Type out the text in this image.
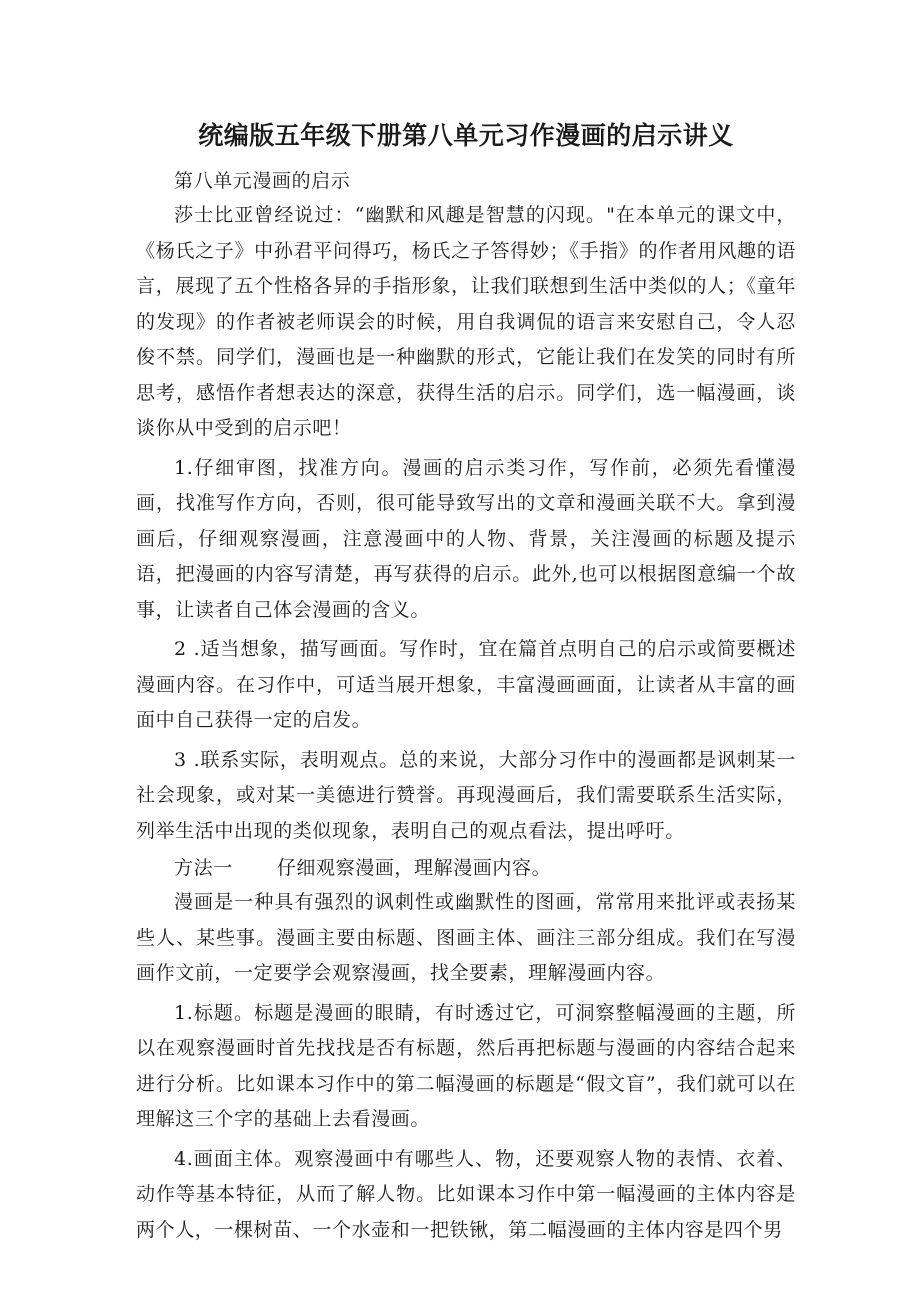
统编版五年级下册第八单元习作漫画的启示讲义

第八单元漫画的启示

莎士比亚曾经说过：“幽默和风趣是智慧的闪现。"在本单元的课文中，《杨氏之子》中孙君平问得巧，杨氏之子答得妙；《手指》的作者用风趣的语言，展现了五个性格各异的手指形象，让我们联想到生活中类似的人；《童年的发现》的作者被老师误会的时候，用自我调侃的语言来安慰自己，令人忍俊不禁。同学们，漫画也是一种幽默的形式，它能让我们在发笑的同时有所思考，感悟作者想表达的深意，获得生活的启示。同学们，选一幅漫画，谈谈你从中受到的启示吧！

1.仔细审图，找准方向。漫画的启示类习作，写作前，必须先看懂漫画，找准写作方向，否则，很可能导致写出的文章和漫画关联不大。拿到漫画后，仔细观察漫画，注意漫画中的人物、背景，关注漫画的标题及提示语，把漫画的内容写清楚，再写获得的启示。此外,也可以根据图意编一个故事，让读者自己体会漫画的含义。

2 .适当想象，描写画面。写作时，宜在篇首点明自己的启示或简要概述漫画内容。在习作中，可适当展开想象，丰富漫画画面，让读者从丰富的画面中自己获得一定的启发。

3 .联系实际，表明观点。总的来说，大部分习作中的漫画都是讽刺某一社会现象，或对某一美德进行赞誉。再现漫画后，我们需要联系生活实际，列举生活中出现的类似现象，表明自己的观点看法，提出呼吁。

方法一 仔细观察漫画，理解漫画内容。

漫画是一种具有强烈的讽刺性或幽默性的图画，常常用来批评或表扬某些人、某些事。漫画主要由标题、图画主体、画注三部分组成。我们在写漫画作文前，一定要学会观察漫画，找全要素，理解漫画内容。

1.标题。标题是漫画的眼睛，有时透过它，可洞察整幅漫画的主题，所以在观察漫画时首先找找是否有标题，然后再把标题与漫画的内容结合起来进行分析。比如课本习作中的第二幅漫画的标题是“假文盲”，我们就可以在理解这三个字的基础上去看漫画。

4.画面主体。观察漫画中有哪些人、物，还要观察人物的表情、衣着、动作等基本特征，从而了解人物。比如课本习作中第一幅漫画的主体内容是两个人，一棵树苗、一个水壶和一把铁锹，第二幅漫画的主体内容是四个男
